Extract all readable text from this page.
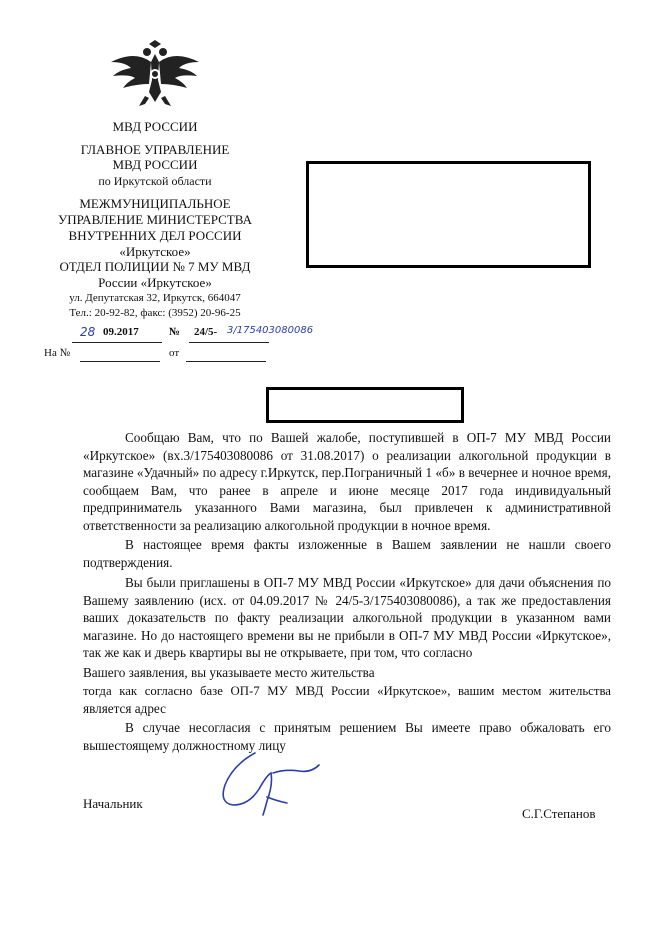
МВД РОССИИ
ГЛАВНОЕ УПРАВЛЕНИЕ
МВД РОССИИ
по Иркутской области
МЕЖМУНИЦИПАЛЬНОЕ
УПРАВЛЕНИЕ МИНИСТЕРСТВА
ВНУТРЕННИХ ДЕЛ РОССИИ
«Иркутское»
ОТДЕЛ ПОЛИЦИИ № 7 МУ МВД
России «Иркутское»
ул. Депутатская 32, Иркутск, 664047
Тел.: 20-92-82, факс: (3952) 20-96-25
28 09.2017	№ 24/5- 3/175403080086
На №	от
Сообщаю Вам, что по Вашей жалобе, поступившей в ОП-7 МУ МВД России «Иркутское» (вх.3/175403080086 от 31.08.2017) о реализации алкогольной продукции в магазине «Удачный» по адресу г.Иркутск, пер.Пограничный 1 «б» в вечернее и ночное время, сообщаем Вам, что ранее в апреле и июне месяце 2017 года индивидуальный предприниматель указанного Вами магазина, был привлечен к административной ответственности за реализацию алкогольной продукции в ночное время.
В настоящее время факты изложенные в Вашем заявлении не нашли своего подтверждения.
Вы были приглашены в ОП-7 МУ МВД России «Иркутское» для дачи объяснения по Вашему заявлению (исх. от 04.09.2017 № 24/5-3/175403080086), а так же предоставления ваших доказательств по факту реализации алкогольной продукции в указанном вами магазине. Но до настоящего времени вы не прибыли в ОП-7 МУ МВД России «Иркутское», так же как и дверь квартиры вы не открываете, при том, что согласно
Вашего заявления, вы указываете место жительства
тогда как согласно базе ОП-7 МУ МВД России «Иркутское», вашим местом жительства
является адрес
В случае несогласия с принятым решением Вы имеете право обжаловать его вышестоящему должностному лицу
Начальник
С.Г.Степанов
